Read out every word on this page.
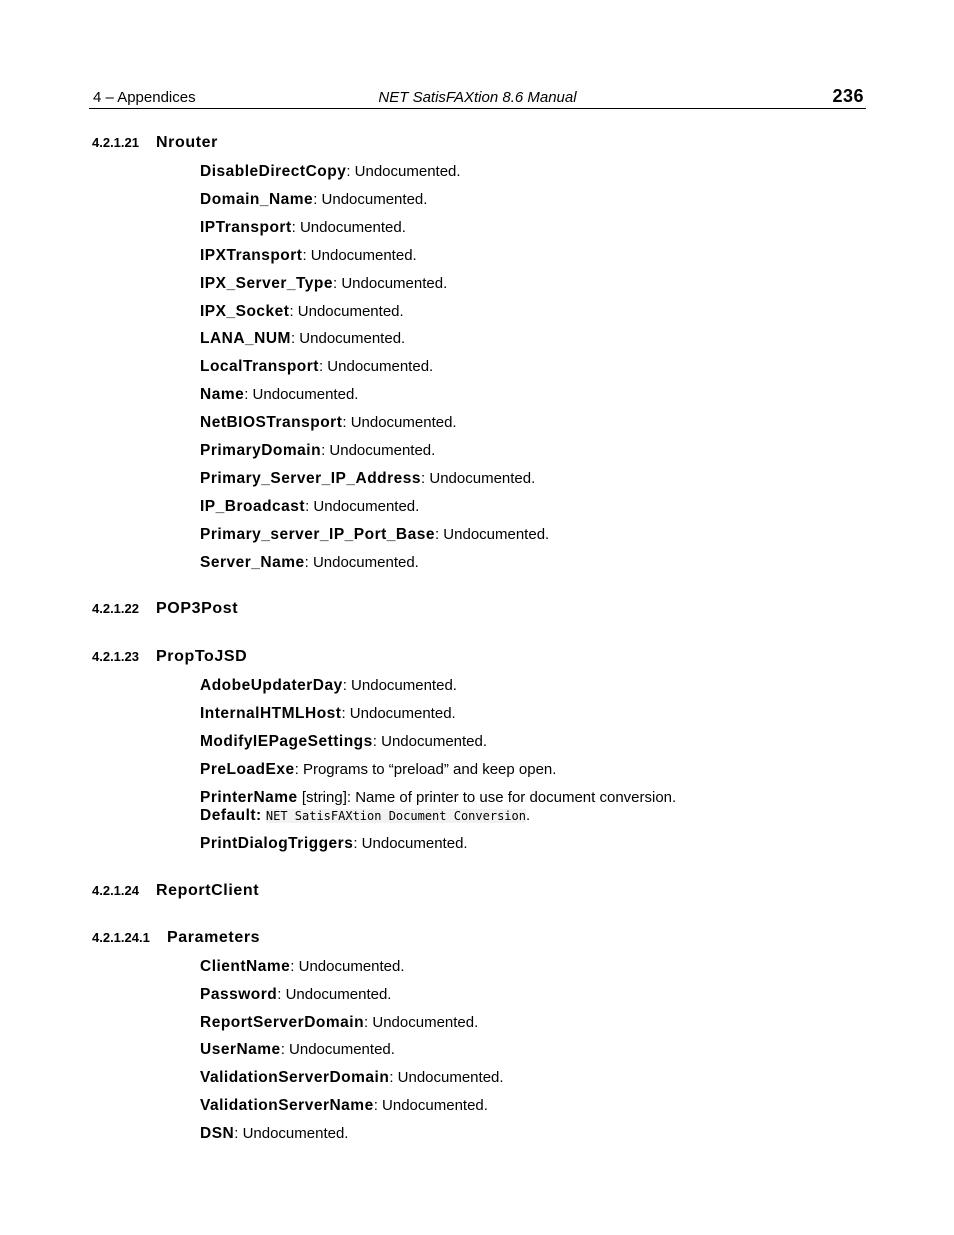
4 – Appendices	NET SatisFAXtion 8.6 Manual	236
4.2.1.21 Nrouter
DisableDirectCopy: Undocumented.
Domain_Name: Undocumented.
IPTransport: Undocumented.
IPXTransport: Undocumented.
IPX_Server_Type: Undocumented.
IPX_Socket: Undocumented.
LANA_NUM: Undocumented.
LocalTransport: Undocumented.
Name: Undocumented.
NetBIOSTransport: Undocumented.
PrimaryDomain: Undocumented.
Primary_Server_IP_Address: Undocumented.
IP_Broadcast: Undocumented.
Primary_server_IP_Port_Base: Undocumented.
Server_Name: Undocumented.
4.2.1.22 POP3Post
4.2.1.23 PropToJSD
AdobeUpdaterDay: Undocumented.
InternalHTMLHost: Undocumented.
ModifyIEPageSettings: Undocumented.
PreLoadExe: Programs to “preload” and keep open.
PrinterName [string]: Name of printer to use for document conversion.
Default: NET SatisFAXtion Document Conversion.
PrintDialogTriggers: Undocumented.
4.2.1.24 ReportClient
4.2.1.24.1 Parameters
ClientName: Undocumented.
Password: Undocumented.
ReportServerDomain: Undocumented.
UserName: Undocumented.
ValidationServerDomain: Undocumented.
ValidationServerName: Undocumented.
DSN: Undocumented.
